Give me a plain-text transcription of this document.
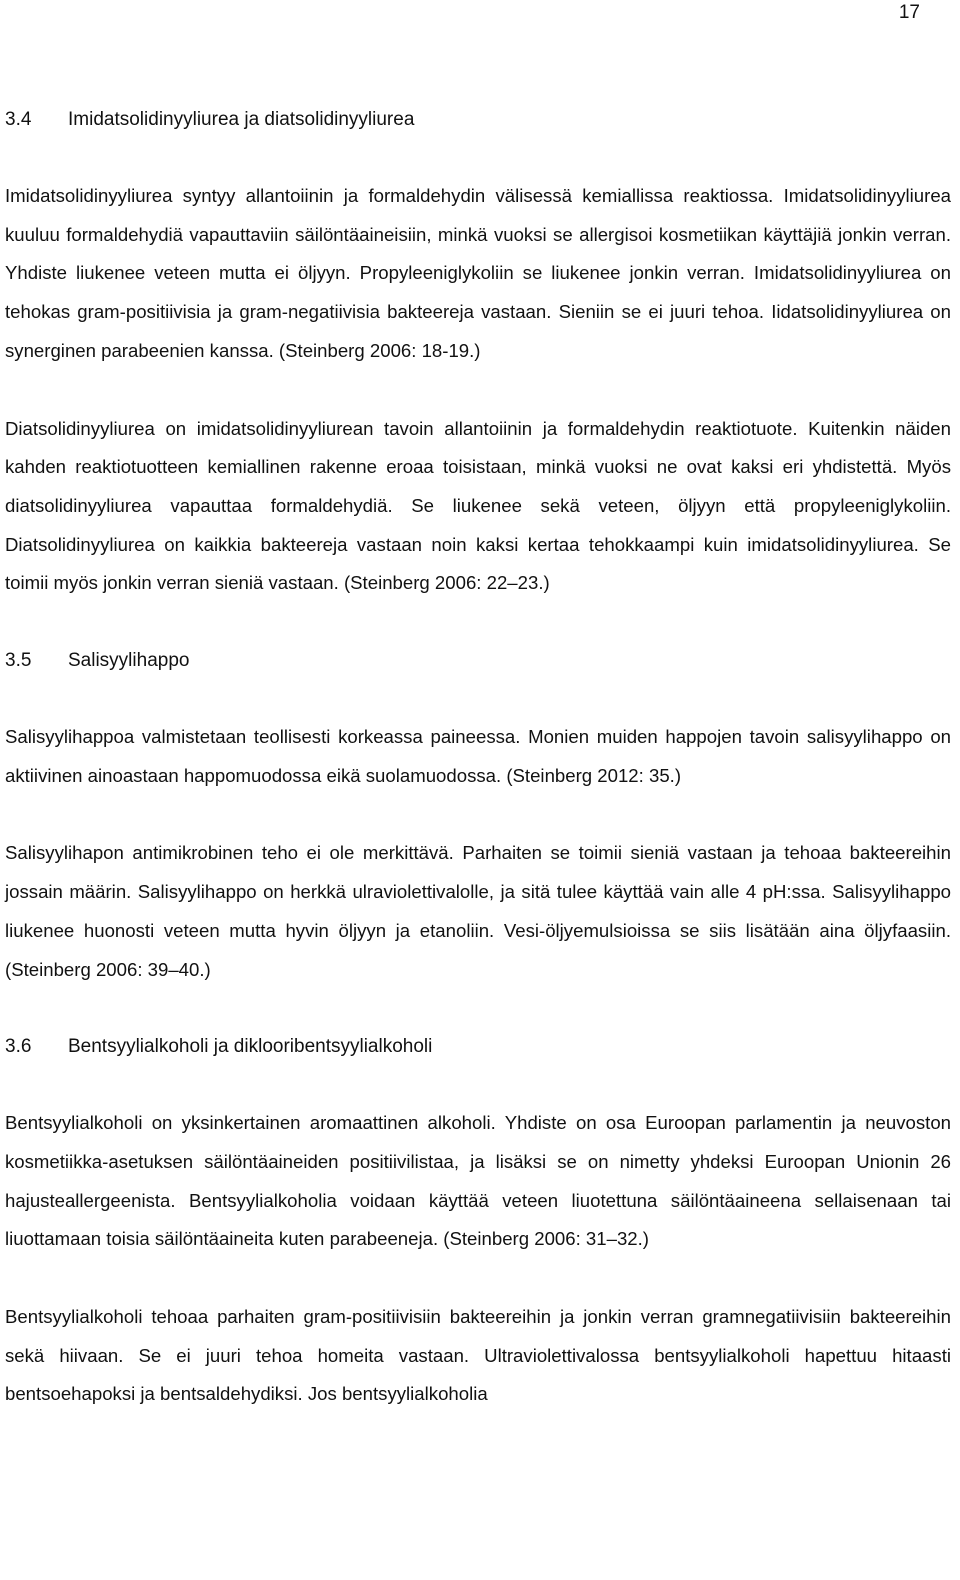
17
3.4	Imidatsolidinyyliurea ja diatsolidinyyliurea

Imidatsolidinyyliurea syntyy allantoiinin ja formaldehydin välisessä kemiallissa reaktiossa. Imidatsolidinyyliurea kuuluu formaldehydiä vapauttaviin säilöntäaineisiin, minkä vuoksi se allergisoi kosmetiikan käyttäjiä jonkin verran. Yhdiste liukenee veteen mutta ei öljyyn. Propyleeniglykoliin se liukenee jonkin verran. Imidatsolidinyyliurea on tehokas gram-positiivisia ja gram-negatiivisia bakteereja vastaan. Sieniin se ei juuri tehoa. Iidatsolidinyyliurea on synerginen parabeenien kanssa. (Steinberg 2006: 18-19.)

Diatsolidinyyliurea on imidatsolidinyyliurean tavoin allantoiinin ja formaldehydin reaktiotuote. Kuitenkin näiden kahden reaktiotuotteen kemiallinen rakenne eroaa toisistaan, minkä vuoksi ne ovat kaksi eri yhdistettä. Myös diatsolidinyyliurea vapauttaa formaldehydiä. Se liukenee sekä veteen, öljyyn että propyleeniglykoliin. Diatsolidinyyliurea on kaikkia bakteereja vastaan noin kaksi kertaa tehokkaampi kuin imidatsolidinyyliurea. Se toimii myös jonkin verran sieniä vastaan. (Steinberg 2006: 22–23.)

3.5	Salisyylihappo

Salisyylihappoa valmistetaan teollisesti korkeassa paineessa. Monien muiden happojen tavoin salisyylihappo on aktiivinen ainoastaan happomuodossa eikä suolamuodossa. (Steinberg 2012: 35.)

Salisyylihapon antimikrobinen teho ei ole merkittävä. Parhaiten se toimii sieniä vastaan ja tehoaa bakteereihin jossain määrin. Salisyylihappo on herkkä ulraviolettivalolle, ja sitä tulee käyttää vain alle 4 pH:ssa. Salisyylihappo liukenee huonosti veteen mutta hyvin öljyyn ja etanoliin. Vesi-öljyemulsioissa se siis lisätään aina öljyfaasiin. (Steinberg 2006: 39–40.)

3.6	Bentsyylialkoholi ja diklooribentsyylialkoholi

Bentsyylialkoholi on yksinkertainen aromaattinen alkoholi. Yhdiste on osa Euroopan parlamentin ja neuvoston kosmetiikka-asetuksen säilöntäaineiden positiivilistaa, ja lisäksi se on nimetty yhdeksi Euroopan Unionin 26 hajusteallergeenista. Bentsyylialkoholia voidaan käyttää veteen liuotettuna säilöntäaineena sellaisenaan tai liuottamaan toisia säilöntäaineita kuten parabeeneja. (Steinberg 2006: 31–32.)

Bentsyylialkoholi tehoaa parhaiten gram-positiivisiin bakteereihin ja jonkin verran gramnegatiivisiin bakteereihin sekä hiivaan. Se ei juuri tehoa homeita vastaan. Ultraviolettivalossa bentsyylialkoholi hapettuu hitaasti bentsoehapoksi ja bentsaldehydiksi. Jos bentsyylialkoholia
